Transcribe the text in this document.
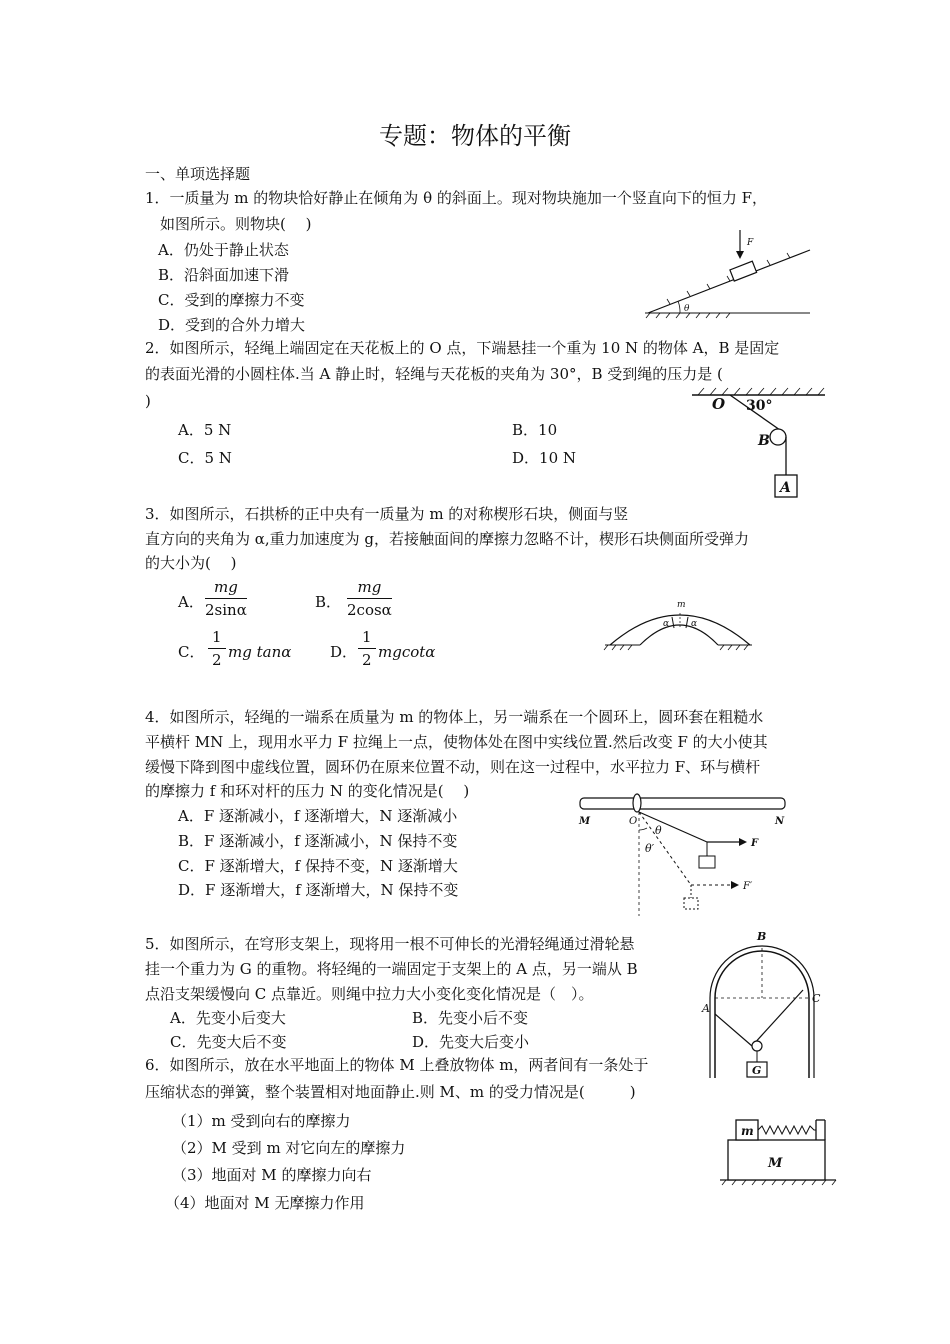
专题：物体的平衡
一、单项选择题
1．一质量为 m 的物块恰好静止在倾角为 θ 的斜面上。现对物块施加一个竖直向下的恒力 F，
如图所示。则物块(　 )
A．仍处于静止状态
B．沿斜面加速下滑
C．受到的摩擦力不变
D．受到的合外力增大
F
θ
2．如图所示，轻绳上端固定在天花板上的 O 点，下端悬挂一个重为 10 N 的物体 A，B 是固定
的表面光滑的小圆柱体.当 A 静止时，轻绳与天花板的夹角为 30°，B 受到绳的压力是 (
)
A．5 N	B．10
C．5 N	D．10 N
A
O 30°
B
3．如图所示，石拱桥的正中央有一质量为 m 的对称楔形石块，侧面与竖
直方向的夹角为 α,重力加速度为 g，若接触面间的摩擦力忽略不计，楔形石块侧面所受弹力
的大小为(　 )
A． $\frac{mg}{2\sin\alpha}$	B． $\frac{mg}{2\cos\alpha}$
C． $\frac{1}{2}$ mg tanα	D． $\frac{1}{2}$ mgcotα
m
α α
4．如图所示，轻绳的一端系在质量为 m 的物体上，另一端系在一个圆环上，圆环套在粗糙水
平横杆 MN 上，现用水平力 F 拉绳上一点，使物体处在图中实线位置.然后改变 F 的大小使其
缓慢下降到图中虚线位置，圆环仍在原来位置不动，则在这一过程中，水平拉力 F、环与横杆
的摩擦力 f 和环对杆的压力 N 的变化情况是(　 )
A．F 逐渐减小，f 逐渐增大，N 逐渐减小
B．F 逐渐减小，f 逐渐减小，N 保持不变
C．F 逐渐增大，f 保持不变，N 逐渐增大
D．F 逐渐增大，f 逐渐增大，N 保持不变
M	N
O
F
F′
θ
θ′
5．如图所示，在穹形支架上，现将用一根不可伸长的光滑轻绳通过滑轮悬
挂一个重力为 G 的重物。将轻绳的一端固定于支架上的 A 点，另一端从 B
点沿支架缓慢向 C 点靠近。则绳中拉力大小变化变化情况是（　）。
A．先变小后变大	B．先变小后不变
C．先变大后不变	D．先变大后变小
G
A
B
C
6．如图所示，放在水平地面上的物体 M 上叠放物体 m，两者间有一条处于
压缩状态的弹簧，整个装置相对地面静止.则 M、m 的受力情况是(　　　)
（1）m 受到向右的摩擦力
（2）M 受到 m 对它向左的摩擦力
（3）地面对 M 的摩擦力向右
（4）地面对 M 无摩擦力作用
m
M
